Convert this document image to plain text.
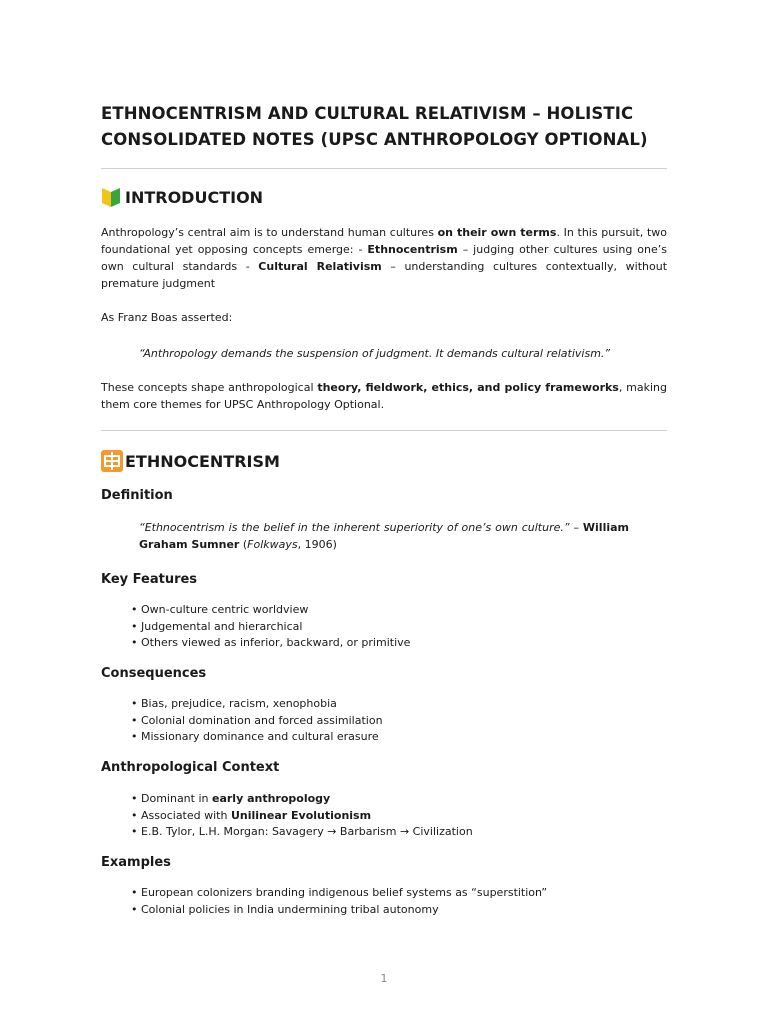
ETHNOCENTRISM AND CULTURAL RELATIVISM – HOLISTIC
CONSOLIDATED NOTES (UPSC ANTHROPOLOGY OPTIONAL)
INTRODUCTION

Anthropology’s central aim is to understand human cultures on their own terms. In this pursuit, two foundational yet opposing concepts emerge: - Ethnocentrism – judging other cultures using one’s own cultural standards - Cultural Relativism – understanding cultures contextually, without premature judgment

As Franz Boas asserted:

“Anthropology demands the suspension of judgment. It demands cultural relativism.”

These concepts shape anthropological theory, fieldwork, ethics, and policy frameworks, making them core themes for UPSC Anthropology Optional.

ETHNOCENTRISM
Definition

“Ethnocentrism is the belief in the inherent superiority of one’s own culture.” – William Graham Sumner (Folkways, 1906)

Key Features
• Own-culture centric worldview
• Judgemental and hierarchical
• Others viewed as inferior, backward, or primitive
Consequences
• Bias, prejudice, racism, xenophobia
• Colonial domination and forced assimilation
• Missionary dominance and cultural erasure
Anthropological Context
• Dominant in early anthropology
• Associated with Unilinear Evolutionism
• E.B. Tylor, L.H. Morgan: Savagery → Barbarism → Civilization
Examples
• European colonizers branding indigenous belief systems as “superstition”
• Colonial policies in India undermining tribal autonomy
1
